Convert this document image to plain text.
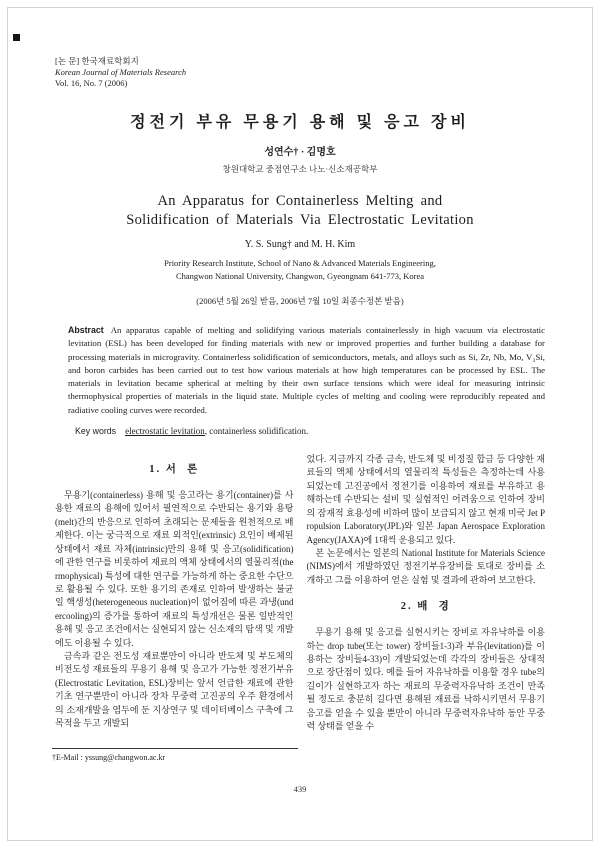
[논 문] 한국재료학회지
Korean Journal of Materials Research
Vol. 16, No. 7 (2006)
정전기 부유 무용기 용해 및 응고 장비
성연수† · 김명호
창원대학교 중점연구소 나노·신소재공학부
An Apparatus for Containerless Melting and
Solidification of Materials Via Electrostatic Levitation
Y. S. Sung† and M. H. Kim
Priority Research Institute, School of Nano & Advanced Materials Engineering,
Changwon National University, Changwon, Gyeongnam 641-773, Korea
(2006년 5월 26일 받음, 2006년 7월 10일 최종수정본 받음)

Abstract An apparatus capable of melting and solidifying various materials containerlessly in high vacuum via electrostatic levitation (ESL) has been developed for finding materials with new or improved properties and further building a database for processing materials in microgravity. Containerless solidification of semiconductors, metals, and alloys such as Si, Zr, Nb, Mo, V₃Si, and boron carbides has been carried out to test how various materials at how high temperatures can be processed by ESL. The materials in levitation became spherical at melting by their own surface tensions which were ideal for measuring intrinsic thermophysical properties of materials in the liquid state. Multiple cycles of melting and cooling were reproducibly repeated and radiative cooling curves were recorded.

Key words electrostatic levitation, containerless solidification.
1. 서  론

무용기(containerless) 용해 및 응고라는 용기(container)를 사용한 재료의 용해에 있어서 필연적으로 수반되는 용기와 용탕(melt)간의 반응으로 인하여 초래되는 문제들을 원천적으로 배제한다. 이는 궁극적으로 재료 외적인(extrinsic) 요인이 배제된 상태에서 재료 자체(intrinsic)만의 용해 및 응고(solidification)에 관한 연구를 비롯하여 재료의 액체 상태에서의 열물리적(thermophysical) 특성에 대한 연구를 가능하게 하는 중요한 수단으로 활용될 수 있다. 또한 용기의 존재로 인하여 발생하는 불균일 핵생성(heterogeneous nucleation)이 없어짐에 따른 과냉(undercooling)의 증가를 통하여 재료의 특성개선은 물론 일반적인 용해 및 응고 조건에서는 실현되지 않는 신소재의 탐색 및 개발에도 이용될 수 있다.

금속과 같은 전도성 재료뿐만이 아니라 반도체 및 부도체의 비전도성 재료들의 무용기 용해 및 응고가 가능한 정전기부유(Electrostatic Levitation, ESL)장비는 앞서 언급한 재료에 관한 기초 연구뿐만이 아니라 장차 무중력 고진공의 우주 환경에서의 소재개발을 염두에 둔 지상연구 및 데이터베이스 구축에 그 목적을 두고 개발되

었다. 지금까지 각종 금속, 반도체 및 비정질 합금 등 다양한 재료들의 액체 상태에서의 열물리적 특성들은 측정하는데 사용되었는데 고진공에서 정전기를 이용하여 재료를 부유하고 용해하는데 수반되는 설비 및 실험적인 어려움으로 인하여 장비의 잠재적 효용성에 비하여 많이 보급되지 않고 현재 미국 Jet Propulsion Laboratory(JPL)와 일본 Japan Aerospace Exploration Agency(JAXA)에 1대씩 운용되고 있다.

본 논문에서는 일본의 National Institute for Materials Science(NIMS)에서 개발하였던 정전기부유장비를 토대로 장비를 소개하고 그를 이용하여 얻은 실험 및 결과에 관하여 보고한다.

2. 배  경

무용기 용해 및 응고를 실현시키는 장비로 자유낙하를 이용하는 drop tube(또는 tower) 장비들1-3)과 부유(levitation)를 이용하는 장비들4-33)이 개발되었는데 각각의 장비들은 상대적으로 장단점이 있다. 예를 들어 자유낙하를 이용할 경우 tube의 길이가 실현하고자 하는 재료의 무중력자유낙하 조건이 만족될 정도로 충분히 길다면 용해된 재료를 낙하시키면서 무용기 응고를 얻을 수 있을 뿐만이 아니라 무중력자유낙하 동안 무중력 상태를 얻을 수

†E-Mail : yssung@changwon.ac.kr
439
